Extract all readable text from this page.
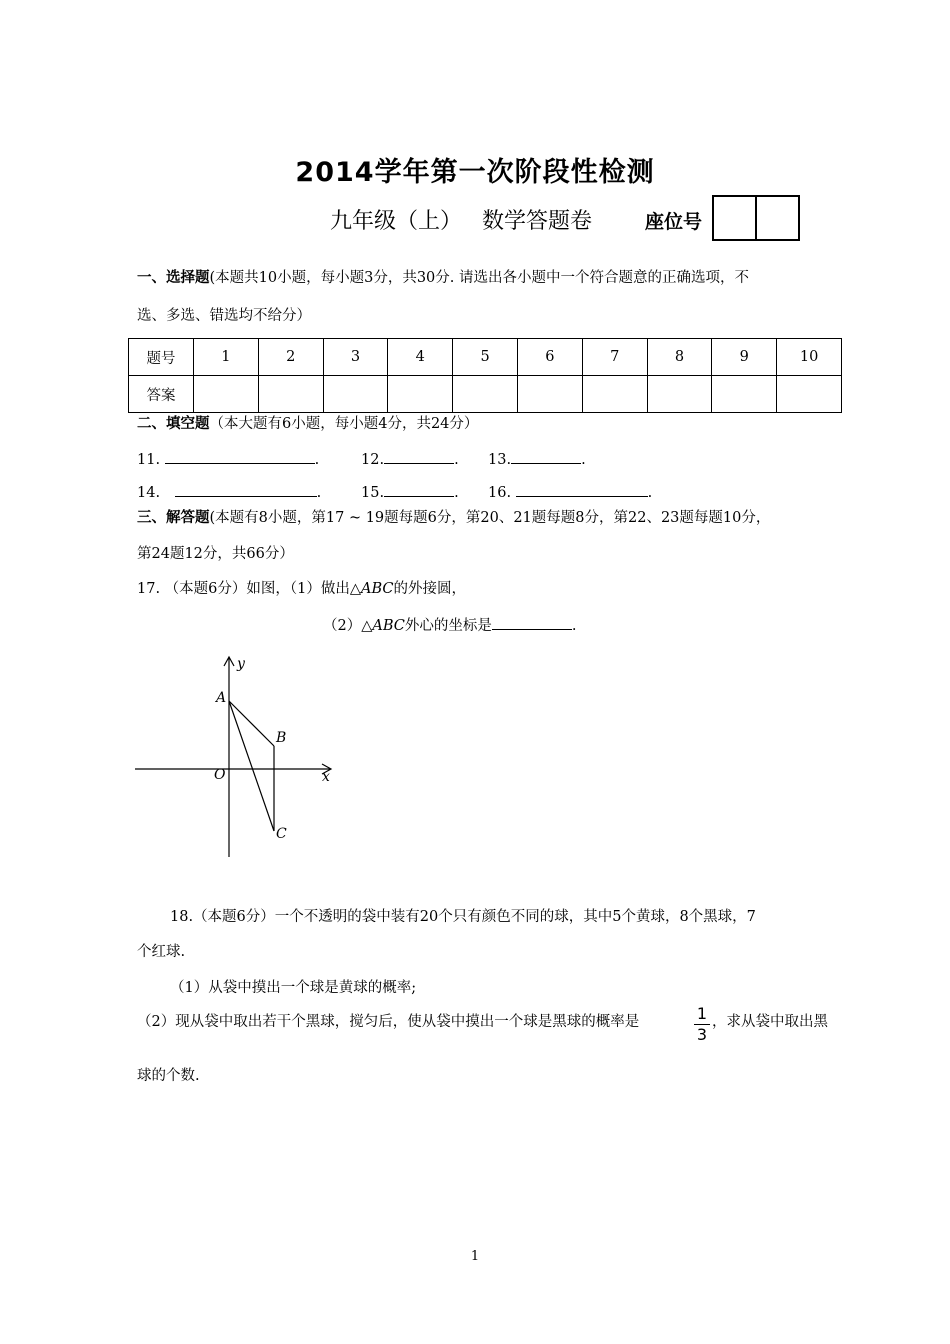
2014学年第一次阶段性检测
九年级（上） 数学答题卷	座位号
一、选择题(本题共10小题，每小题3分，共30分. 请选出各小题中一个符合题意的正确选项，不
选、多选、错选均不给分）
题号	1	2	3	4	5	6	7	8	9	10
答案										
二、填空题（本大题有6小题，每小题4分，共24分）
11.	.	12.	. 13.	.
14.	.	15.	. 16.	.
三、解答题(本题有8小题，第17 ~ 19题每题6分，第20、21题每题8分，第22、23题每题10分，
第24题12分，共66分）
17. （本题6分）如图，（1）做出△ABC的外接圆，
（2）△ABC外心的坐标是	.
y
x
O
A
B
C
18.（本题6分）一个不透明的袋中装有20个只有颜色不同的球，其中5个黄球，8个黑球，7
个红球.
（1）从袋中摸出一个球是黄球的概率;
（2）现从袋中取出若干个黑球，搅匀后，使从袋中摸出一个球是黑球的概率是	1
3
，求从袋中取出黑
球的个数.
1
